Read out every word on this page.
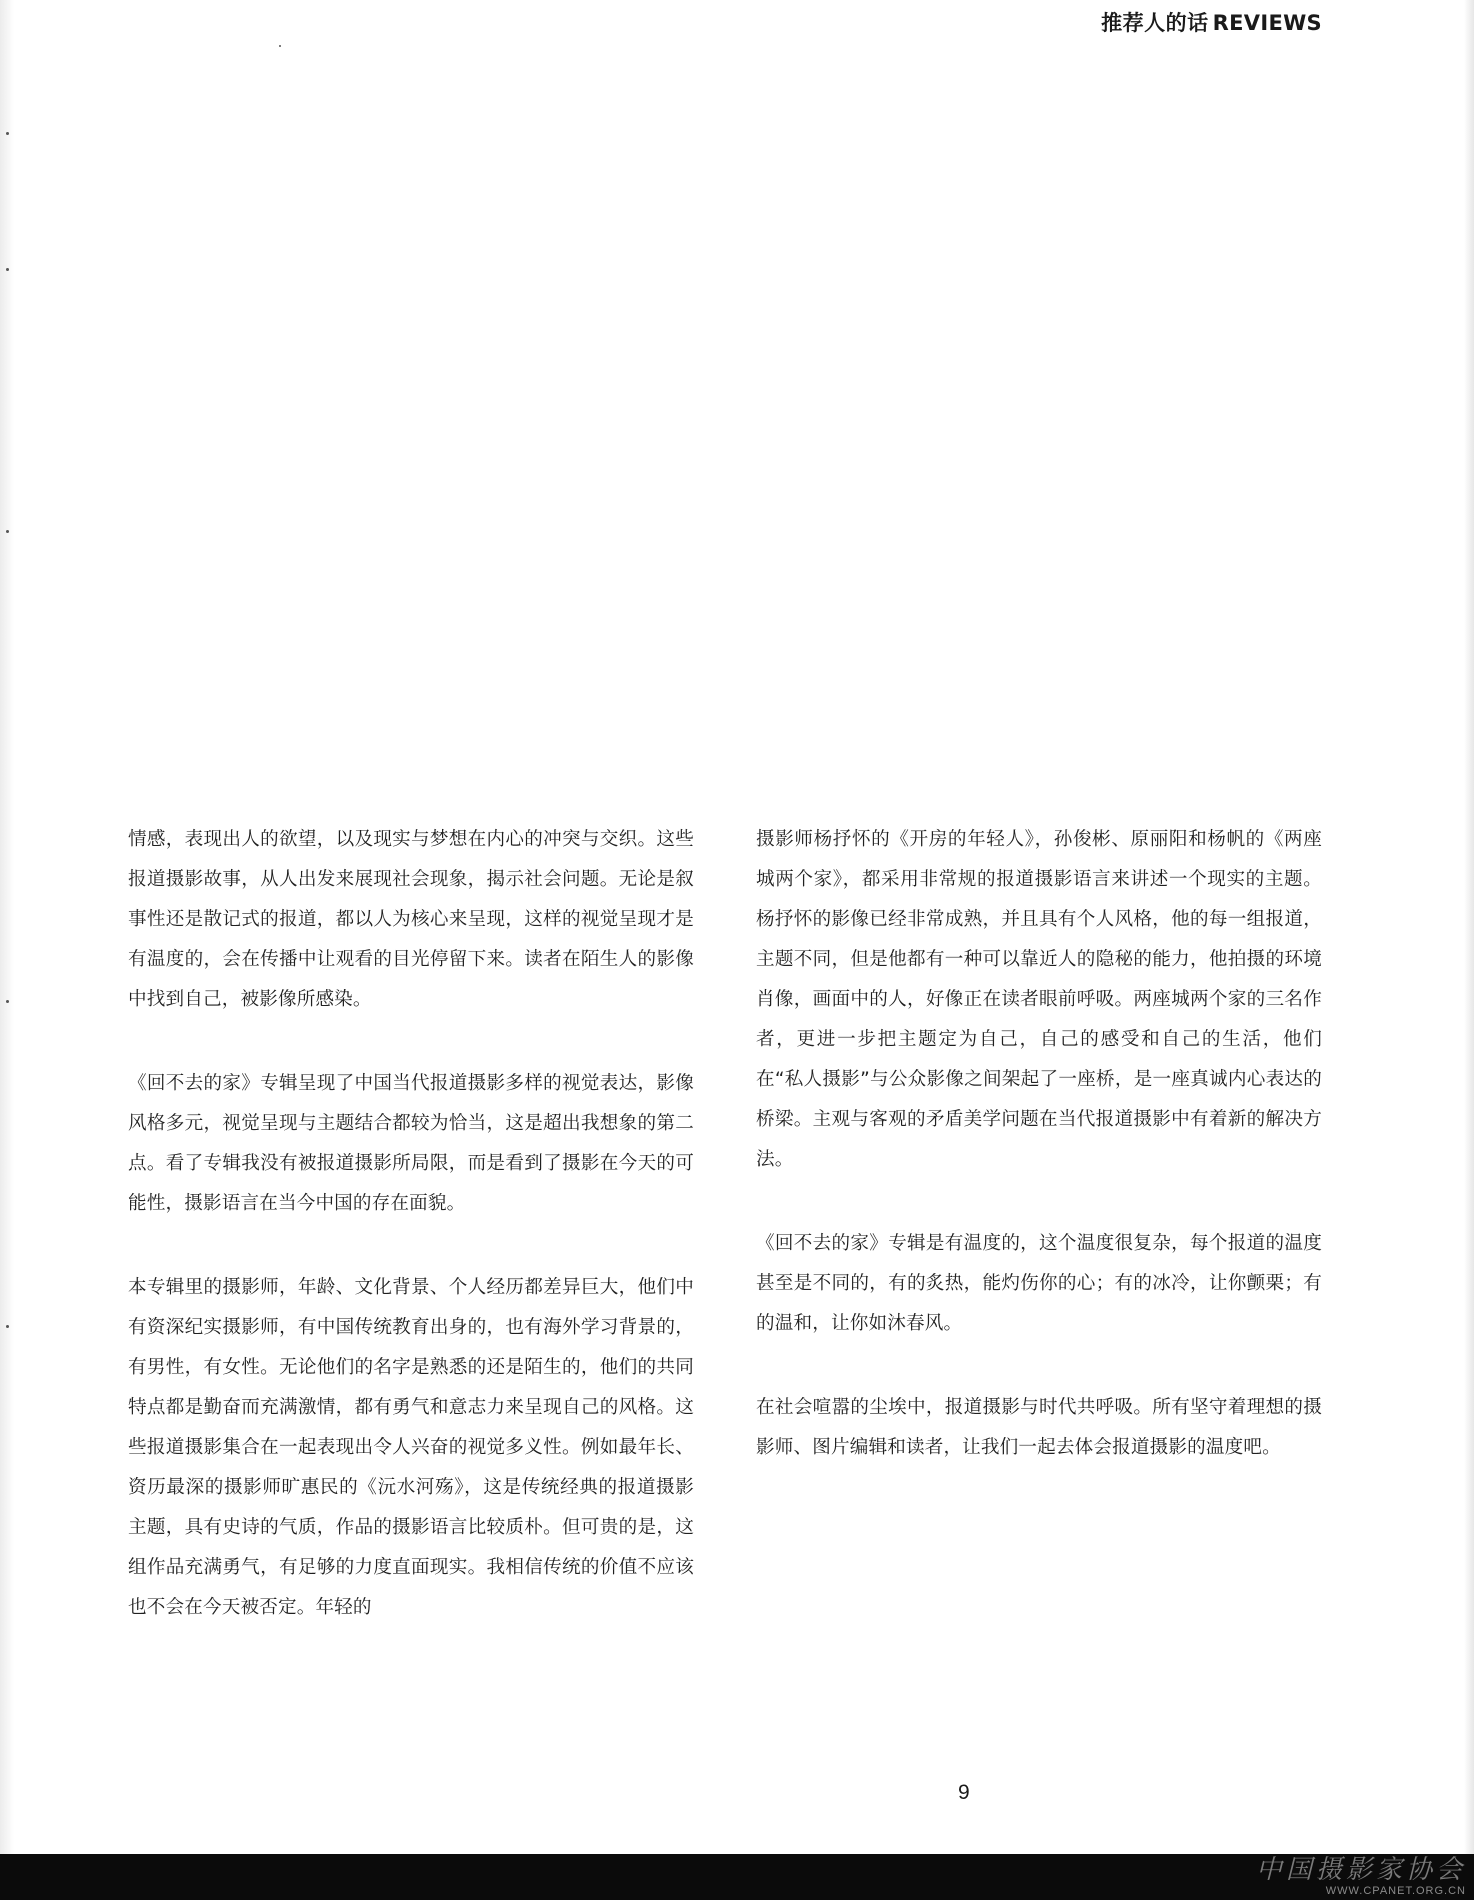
推荐人的话 REVIEWS

情感，表现出人的欲望，以及现实与梦想在内心的冲突与交织。这些报道摄影故事，从人出发来展现社会现象，揭示社会问题。无论是叙事性还是散记式的报道，都以人为核心来呈现，这样的视觉呈现才是有温度的，会在传播中让观看的目光停留下来。读者在陌生人的影像中找到自己，被影像所感染。

《回不去的家》专辑呈现了中国当代报道摄影多样的视觉表达，影像风格多元，视觉呈现与主题结合都较为恰当，这是超出我想象的第二点。看了专辑我没有被报道摄影所局限，而是看到了摄影在今天的可能性，摄影语言在当今中国的存在面貌。

本专辑里的摄影师，年龄、文化背景、个人经历都差异巨大，他们中有资深纪实摄影师，有中国传统教育出身的，也有海外学习背景的，有男性，有女性。无论他们的名字是熟悉的还是陌生的，他们的共同特点都是勤奋而充满激情，都有勇气和意志力来呈现自己的风格。这些报道摄影集合在一起表现出令人兴奋的视觉多义性。例如最年长、资历最深的摄影师旷惠民的《沅水河殇》，这是传统经典的报道摄影主题，具有史诗的气质，作品的摄影语言比较质朴。但可贵的是，这组作品充满勇气，有足够的力度直面现实。我相信传统的价值不应该也不会在今天被否定。年轻的

摄影师杨抒怀的《开房的年轻人》，孙俊彬、原丽阳和杨帆的《两座城两个家》，都采用非常规的报道摄影语言来讲述一个现实的主题。杨抒怀的影像已经非常成熟，并且具有个人风格，他的每一组报道，主题不同，但是他都有一种可以靠近人的隐秘的能力，他拍摄的环境肖像，画面中的人，好像正在读者眼前呼吸。两座城两个家的三名作者，更进一步把主题定为自己，自己的感受和自己的生活，他们在“私人摄影”与公众影像之间架起了一座桥，是一座真诚内心表达的桥梁。主观与客观的矛盾美学问题在当代报道摄影中有着新的解决方法。

《回不去的家》专辑是有温度的，这个温度很复杂，每个报道的温度甚至是不同的，有的炙热，能灼伤你的心；有的冰冷，让你颤栗；有的温和，让你如沐春风。

在社会喧嚣的尘埃中，报道摄影与时代共呼吸。所有坚守着理想的摄影师、图片编辑和读者，让我们一起去体会报道摄影的温度吧。

9
中国摄影家协会
WWW.CPANET.ORG.CN
